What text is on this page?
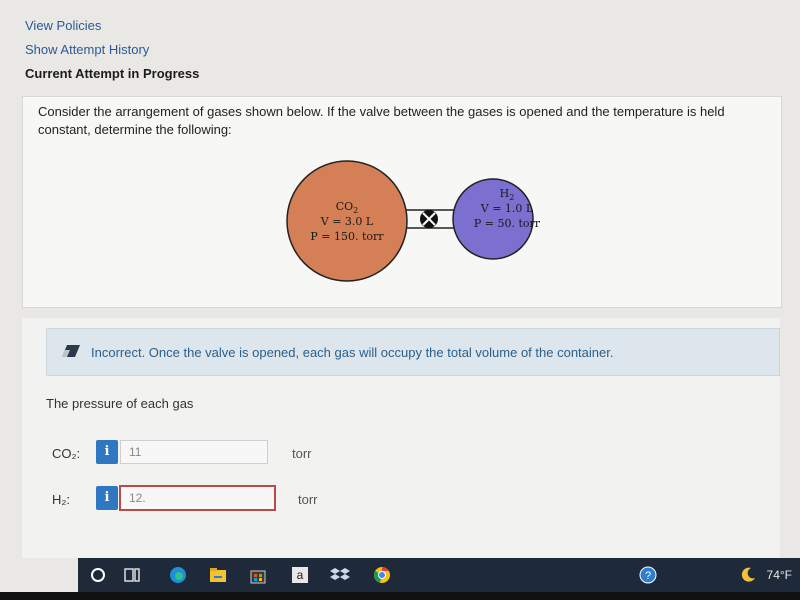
View Policies
Show Attempt History
Current Attempt in Progress
Consider the arrangement of gases shown below. If the valve between the gases is opened and the temperature is held constant, determine the following:
$CO_2$
V = 3.0 L
P = 150. torr
$H_2$
V = 1.0 L
P = 50. torr
Incorrect. Once the valve is opened, each gas will occupy the total volume of the container.
The pressure of each gas
CO₂:	i
11	torr
H₂:	i
12.	torr
a	?	74°F
